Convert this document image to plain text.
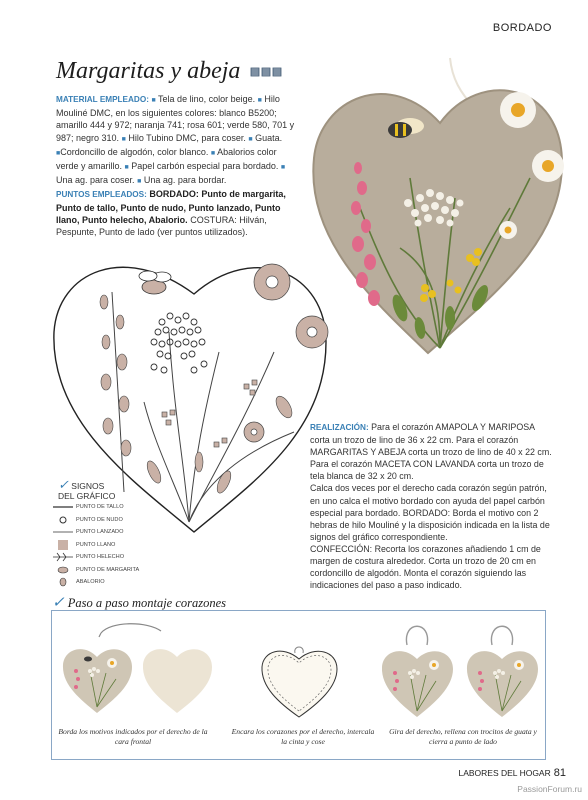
BORDADO
Margaritas y abeja
MATERIAL EMPLEADO: ■ Tela de lino, color beige. ■ Hilo Mouliné DMC, en los siguientes colores: blanco B5200; amarillo 444 y 972; naranja 741; rosa 601; verde 580, 701 y 987; negro 310. ■ Hilo Tubino DMC, para coser. ■ Guata. ■Cordoncillo de algodón, color blanco. ■ Abalorios color verde y amarillo. ■ Papel carbón especial para bordado. ■ Una ag. para coser. ■ Una ag. para bordar.
PUNTOS EMPLEADOS: BORDADO: Punto de margarita, Punto de tallo, Punto de nudo, Punto lanzado, Punto llano, Punto helecho, Abalorio. COSTURA: Hilván, Pespunte, Punto de lado (ver puntos utilizados).
✓ SIGNOS
DEL GRÁFICO
PUNTO DE TALLO
PUNTO DE NUDO
PUNTO LANZADO
PUNTO LLANO
PUNTO HELECHO
PUNTO DE MARGARITA
ABALORIO
REALIZACIÓN: Para el corazón AMAPOLA Y MARIPOSA corta un trozo de lino de 36 x 22 cm. Para el corazón MARGARITAS Y ABEJA corta un trozo de lino de 40 x 22 cm. Para el corazón MACETA CON LAVANDA corta un trozo de tela blanca de 32 x 20 cm.
Calca dos veces por el derecho cada corazón según patrón, en uno calca el motivo bordado con ayuda del papel carbón especial para bordado. BORDADO: Borda el motivo con 2 hebras de hilo Mouliné y la disposición indicada en la lista de signos del gráfico correspondiente.
CONFECCIÓN: Recorta los corazones añadiendo 1 cm de margen de costura alrededor. Corta un trozo de 20 cm en cordoncillo de algodón. Monta el corazón siguiendo las indicaciones del paso a paso indicado.
✓ Paso a paso montaje corazones
Borda los motivos indicados por el derecho de la cara frontal
Encara los corazones por el derecho, intercala la cinta y cose
Gira del derecho, rellena con trocitos de guata y cierra a punto de lado
LABORES DEL HOGAR 81
PassionForum.ru
